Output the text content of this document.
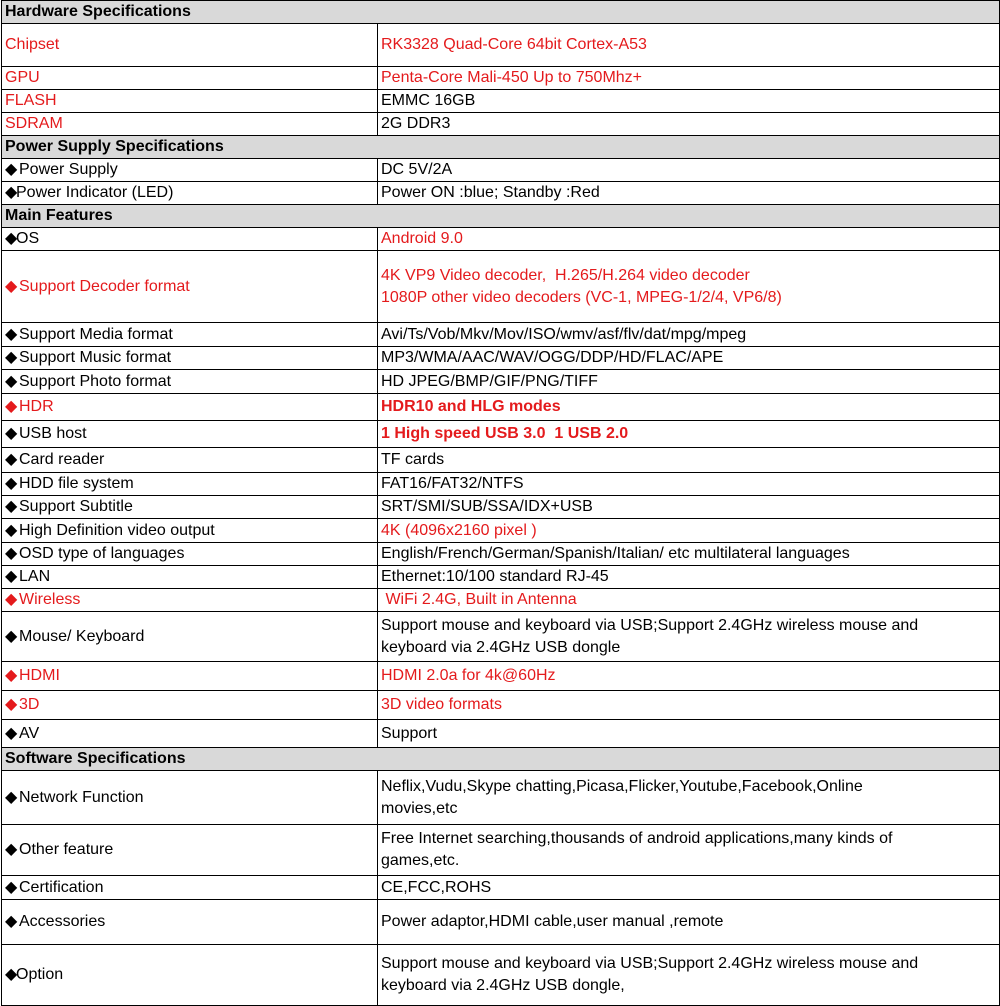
Hardware Specifications	
Chipset	RK3328 Quad-Core 64bit Cortex-A53

GPU	Penta-Core Mali-450 Up to 750Mhz+

FLASH	EMMC 16GB

SDRAM	2G DDR3

Power Supply Specifications	
◆ Power Supply	DC 5V/2A

◆Power Indicator (LED)	Power ON :blue; Standby :Red

Main Features	
◆OS	Android 9.0

◆ Support Decoder format	4K VP9 Video decoder,  H.265/H.264 video decoder
1080P other video decoders (VC-1, MPEG-1/2/4, VP6/8)

◆ Support Media format	Avi/Ts/Vob/Mkv/Mov/ISO/wmv/asf/flv/dat/mpg/mpeg

◆ Support Music format	MP3/WMA/AAC/WAV/OGG/DDP/HD/FLAC/APE

◆ Support Photo format	HD JPEG/BMP/GIF/PNG/TIFF

◆ HDR	HDR10 and HLG modes

◆ USB host	1 High speed USB 3.0  1 USB 2.0

◆ Card reader	TF cards

◆ HDD file system	FAT16/FAT32/NTFS

◆ Support Subtitle	SRT/SMI/SUB/SSA/IDX+USB

◆ High Definition video output	4K (4096x2160 pixel )

◆ OSD type of languages	English/French/German/Spanish/Italian/ etc multilateral languages

◆ LAN	Ethernet:10/100 standard RJ-45

◆ Wireless	WiFi 2.4G, Built in Antenna

◆ Mouse/ Keyboard	Support mouse and keyboard via USB;Support 2.4GHz wireless mouse and
keyboard via 2.4GHz USB dongle

◆ HDMI	HDMI 2.0a for 4k@60Hz

◆ 3D	3D video formats

◆ AV	Support

Software Specifications	
◆ Network Function	Neflix,Vudu,Skype chatting,Picasa,Flicker,Youtube,Facebook,Online
movies,etc

◆ Other feature	Free Internet searching,thousands of android applications,many kinds of
games,etc.

◆ Certification	CE,FCC,ROHS

◆ Accessories	Power adaptor,HDMI cable,user manual ,remote

◆Option	Support mouse and keyboard via USB;Support 2.4GHz wireless mouse and
keyboard via 2.4GHz USB dongle,
